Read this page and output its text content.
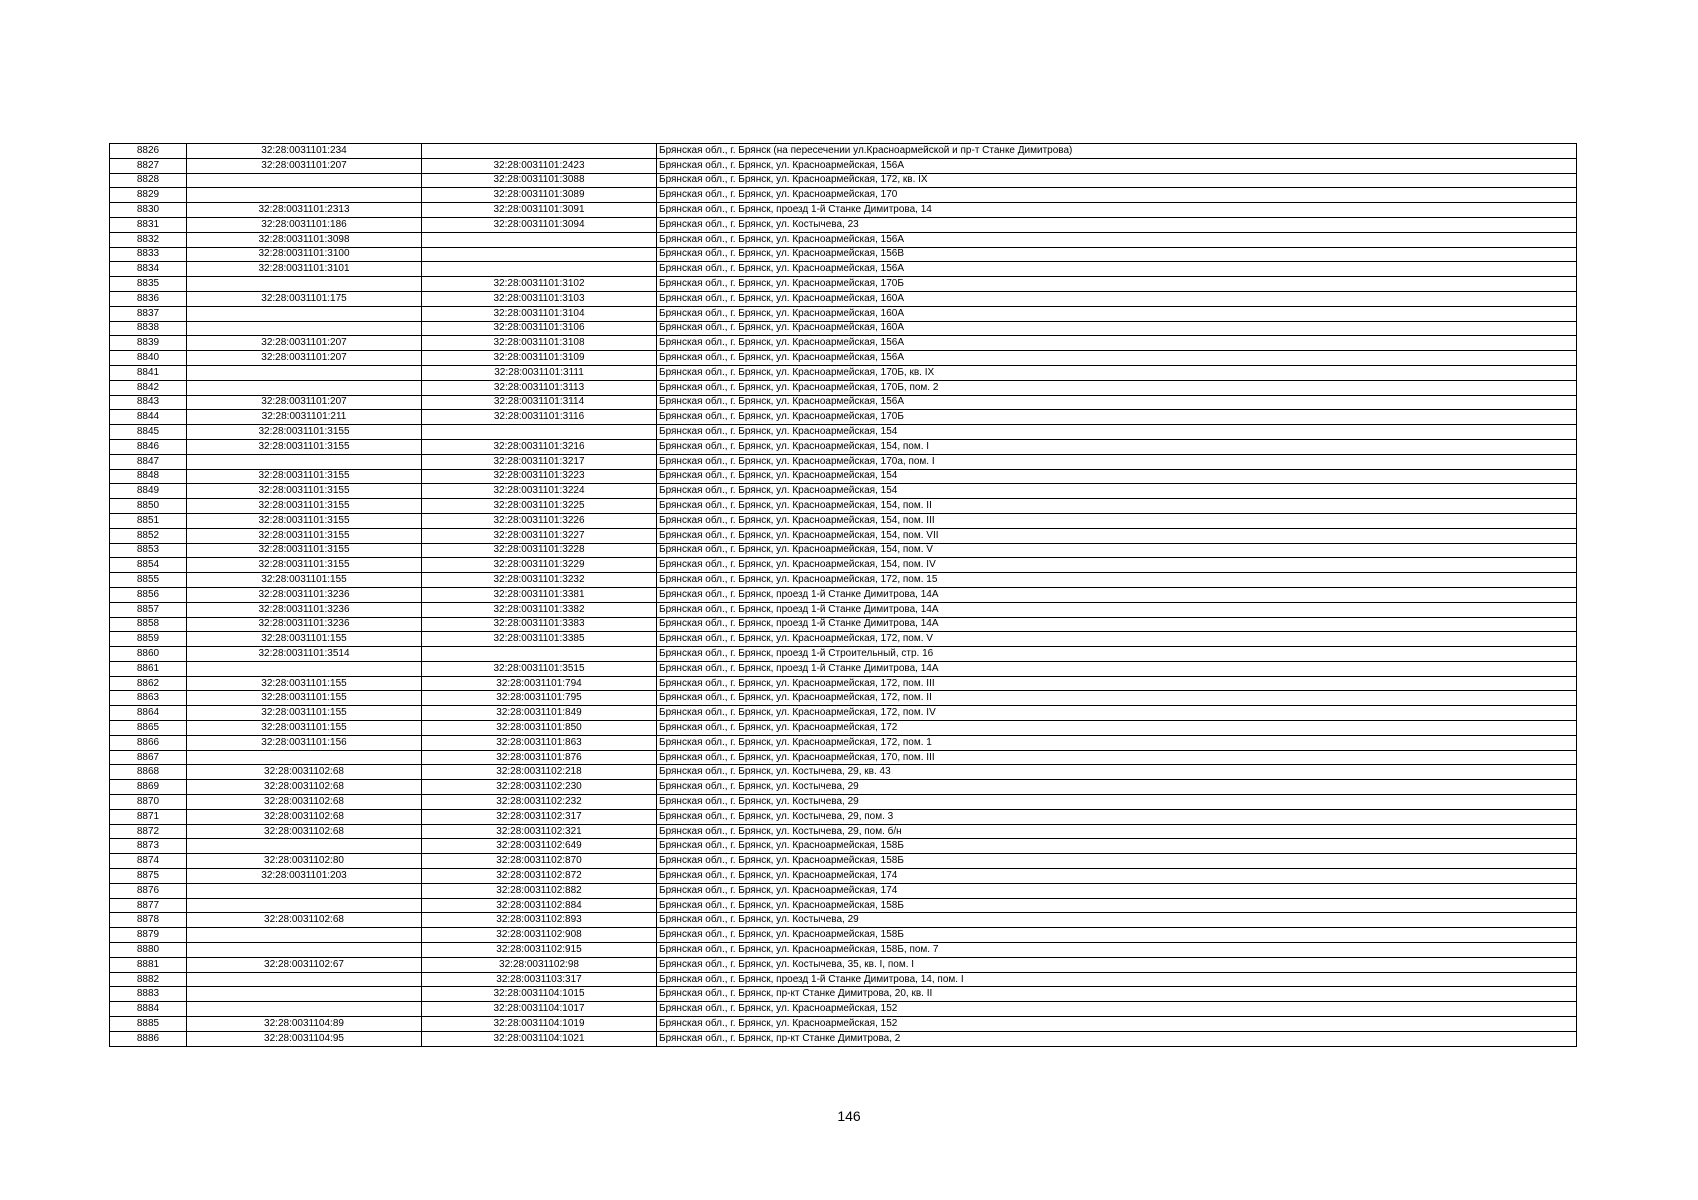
8826	32:28:0031101:234		Брянская обл., г. Брянск (на пересечении ул.Красноармейской и пр-т Станке Димитрова)
8827	32:28:0031101:207	32:28:0031101:2423	Брянская обл., г. Брянск, ул. Красноармейская, 156А
8828		32:28:0031101:3088	Брянская обл., г. Брянск, ул. Красноармейская, 172, кв. IX
8829		32:28:0031101:3089	Брянская обл., г. Брянск, ул. Красноармейская, 170
8830	32:28:0031101:2313	32:28:0031101:3091	Брянская обл., г. Брянск, проезд 1-й Станке Димитрова, 14
8831	32:28:0031101:186	32:28:0031101:3094	Брянская обл., г. Брянск, ул. Костычева, 23
8832	32:28:0031101:3098		Брянская обл., г. Брянск, ул. Красноармейская, 156А
8833	32:28:0031101:3100		Брянская обл., г. Брянск, ул. Красноармейская, 156В
8834	32:28:0031101:3101		Брянская обл., г. Брянск, ул. Красноармейская, 156А
8835		32:28:0031101:3102	Брянская обл., г. Брянск, ул. Красноармейская, 170Б
8836	32:28:0031101:175	32:28:0031101:3103	Брянская обл., г. Брянск, ул. Красноармейская, 160А
8837		32:28:0031101:3104	Брянская обл., г. Брянск, ул. Красноармейская, 160А
8838		32:28:0031101:3106	Брянская обл., г. Брянск, ул. Красноармейская, 160А
8839	32:28:0031101:207	32:28:0031101:3108	Брянская обл., г. Брянск, ул. Красноармейская, 156А
8840	32:28:0031101:207	32:28:0031101:3109	Брянская обл., г. Брянск, ул. Красноармейская, 156А
8841		32:28:0031101:3111	Брянская обл., г. Брянск, ул. Красноармейская, 170Б, кв. IX
8842		32:28:0031101:3113	Брянская обл., г. Брянск, ул. Красноармейская, 170Б, пом. 2
8843	32:28:0031101:207	32:28:0031101:3114	Брянская обл., г. Брянск, ул. Красноармейская, 156А
8844	32:28:0031101:211	32:28:0031101:3116	Брянская обл., г. Брянск, ул. Красноармейская, 170Б
8845	32:28:0031101:3155		Брянская обл., г. Брянск, ул. Красноармейская, 154
8846	32:28:0031101:3155	32:28:0031101:3216	Брянская обл., г. Брянск, ул. Красноармейская, 154, пом. I
8847		32:28:0031101:3217	Брянская обл., г. Брянск, ул. Красноармейская, 170а, пом. I
8848	32:28:0031101:3155	32:28:0031101:3223	Брянская обл., г. Брянск, ул. Красноармейская, 154
8849	32:28:0031101:3155	32:28:0031101:3224	Брянская обл., г. Брянск, ул. Красноармейская, 154
8850	32:28:0031101:3155	32:28:0031101:3225	Брянская обл., г. Брянск, ул. Красноармейская, 154, пом. II
8851	32:28:0031101:3155	32:28:0031101:3226	Брянская обл., г. Брянск, ул. Красноармейская, 154, пом. III
8852	32:28:0031101:3155	32:28:0031101:3227	Брянская обл., г. Брянск, ул. Красноармейская, 154, пом. VII
8853	32:28:0031101:3155	32:28:0031101:3228	Брянская обл., г. Брянск, ул. Красноармейская, 154, пом. V
8854	32:28:0031101:3155	32:28:0031101:3229	Брянская обл., г. Брянск, ул. Красноармейская, 154, пом. IV
8855	32:28:0031101:155	32:28:0031101:3232	Брянская обл., г. Брянск, ул. Красноармейская, 172, пом. 15
8856	32:28:0031101:3236	32:28:0031101:3381	Брянская обл., г. Брянск, проезд 1-й Станке Димитрова, 14А
8857	32:28:0031101:3236	32:28:0031101:3382	Брянская обл., г. Брянск, проезд 1-й Станке Димитрова, 14А
8858	32:28:0031101:3236	32:28:0031101:3383	Брянская обл., г. Брянск, проезд 1-й Станке Димитрова, 14А
8859	32:28:0031101:155	32:28:0031101:3385	Брянская обл., г. Брянск, ул. Красноармейская, 172, пом. V
8860	32:28:0031101:3514		Брянская обл., г. Брянск, проезд 1-й Строительный, стр. 16
8861		32:28:0031101:3515	Брянская обл., г. Брянск, проезд 1-й Станке Димитрова, 14А
8862	32:28:0031101:155	32:28:0031101:794	Брянская обл., г. Брянск, ул. Красноармейская, 172, пом. III
8863	32:28:0031101:155	32:28:0031101:795	Брянская обл., г. Брянск, ул. Красноармейская, 172, пом. II
8864	32:28:0031101:155	32:28:0031101:849	Брянская обл., г. Брянск, ул. Красноармейская, 172, пом. IV
8865	32:28:0031101:155	32:28:0031101:850	Брянская обл., г. Брянск, ул. Красноармейская, 172
8866	32:28:0031101:156	32:28:0031101:863	Брянская обл., г. Брянск, ул. Красноармейская, 172, пом. 1
8867		32:28:0031101:876	Брянская обл., г. Брянск, ул. Красноармейская, 170, пом. III
8868	32:28:0031102:68	32:28:0031102:218	Брянская обл., г. Брянск, ул. Костычева, 29, кв. 43
8869	32:28:0031102:68	32:28:0031102:230	Брянская обл., г. Брянск, ул. Костычева, 29
8870	32:28:0031102:68	32:28:0031102:232	Брянская обл., г. Брянск, ул. Костычева, 29
8871	32:28:0031102:68	32:28:0031102:317	Брянская обл., г. Брянск, ул. Костычева, 29, пом. 3
8872	32:28:0031102:68	32:28:0031102:321	Брянская обл., г. Брянск, ул. Костычева, 29, пом. б/н
8873		32:28:0031102:649	Брянская обл., г. Брянск, ул. Красноармейская, 158Б
8874	32:28:0031102:80	32:28:0031102:870	Брянская обл., г. Брянск, ул. Красноармейская, 158Б
8875	32:28:0031101:203	32:28:0031102:872	Брянская обл., г. Брянск, ул. Красноармейская, 174
8876		32:28:0031102:882	Брянская обл., г. Брянск, ул. Красноармейская, 174
8877		32:28:0031102:884	Брянская обл., г. Брянск, ул. Красноармейская, 158Б
8878	32:28:0031102:68	32:28:0031102:893	Брянская обл., г. Брянск, ул. Костычева, 29
8879		32:28:0031102:908	Брянская обл., г. Брянск, ул. Красноармейская, 158Б
8880		32:28:0031102:915	Брянская обл., г. Брянск, ул. Красноармейская, 158Б, пом. 7
8881	32:28:0031102:67	32:28:0031102:98	Брянская обл., г. Брянск, ул. Костычева, 35, кв. I, пом. I
8882		32:28:0031103:317	Брянская обл., г. Брянск, проезд 1-й Станке Димитрова, 14, пом. I
8883		32:28:0031104:1015	Брянская обл., г. Брянск, пр-кт Станке Димитрова, 20, кв. II
8884		32:28:0031104:1017	Брянская обл., г. Брянск, ул. Красноармейская, 152
8885	32:28:0031104:89	32:28:0031104:1019	Брянская обл., г. Брянск, ул. Красноармейская, 152
8886	32:28:0031104:95	32:28:0031104:1021	Брянская обл., г. Брянск, пр-кт Станке Димитрова, 2
146
